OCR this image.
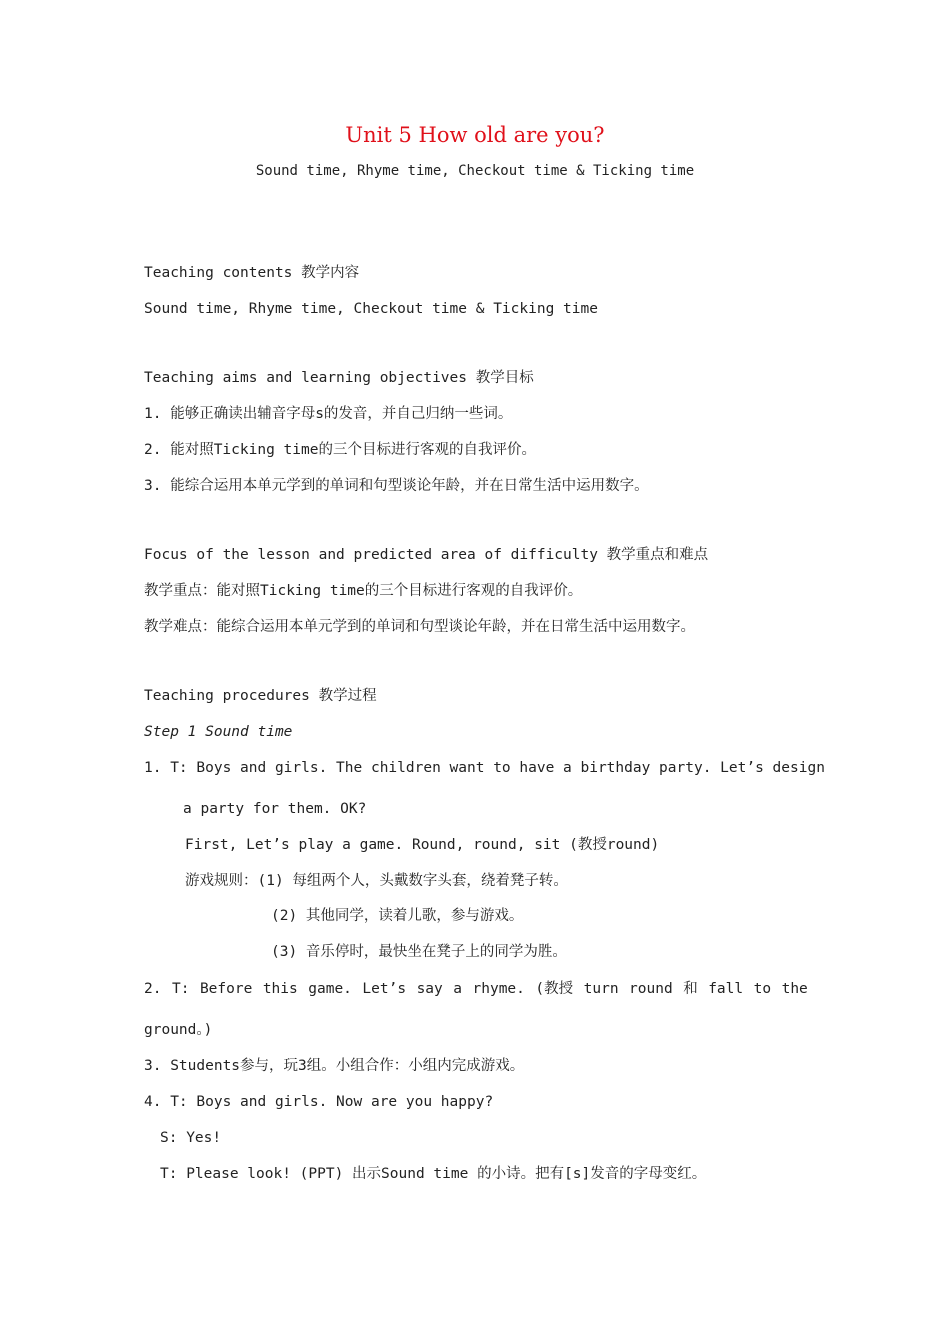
Unit 5 How old are you?
Sound time, Rhyme time, Checkout time & Ticking time
Teaching contents 教学内容
Sound time, Rhyme time, Checkout time & Ticking time
Teaching aims and learning objectives 教学目标
1. 能够正确读出辅音字母s的发音，并自己归纳一些词。
2. 能对照Ticking time的三个目标进行客观的自我评价。
3. 能综合运用本单元学到的单词和句型谈论年龄，并在日常生活中运用数字。
Focus of the lesson and predicted area of difficulty 教学重点和难点
教学重点：能对照Ticking time的三个目标进行客观的自我评价。
教学难点：能综合运用本单元学到的单词和句型谈论年龄，并在日常生活中运用数字。
Teaching procedures 教学过程
Step 1 Sound time
1. T: Boys and girls. The children want to have a birthday party. Let’s design
a party for them. OK?
First, Let’s play a game. Round, round, sit (教授round)
游戏规则：(1) 每组两个人，头戴数字头套，绕着凳子转。
(2) 其他同学，读着儿歌，参与游戏。
(3) 音乐停时，最快坐在凳子上的同学为胜。
2. T: Before this game. Let’s say a rhyme. (教授 turn round 和 fall to the
ground。)
3. Students参与，玩3组。小组合作：小组内完成游戏。
4. T: Boys and girls. Now are you happy?
S: Yes!
T: Please look! (PPT) 出示Sound time 的小诗。把有[s]发音的字母变红。
